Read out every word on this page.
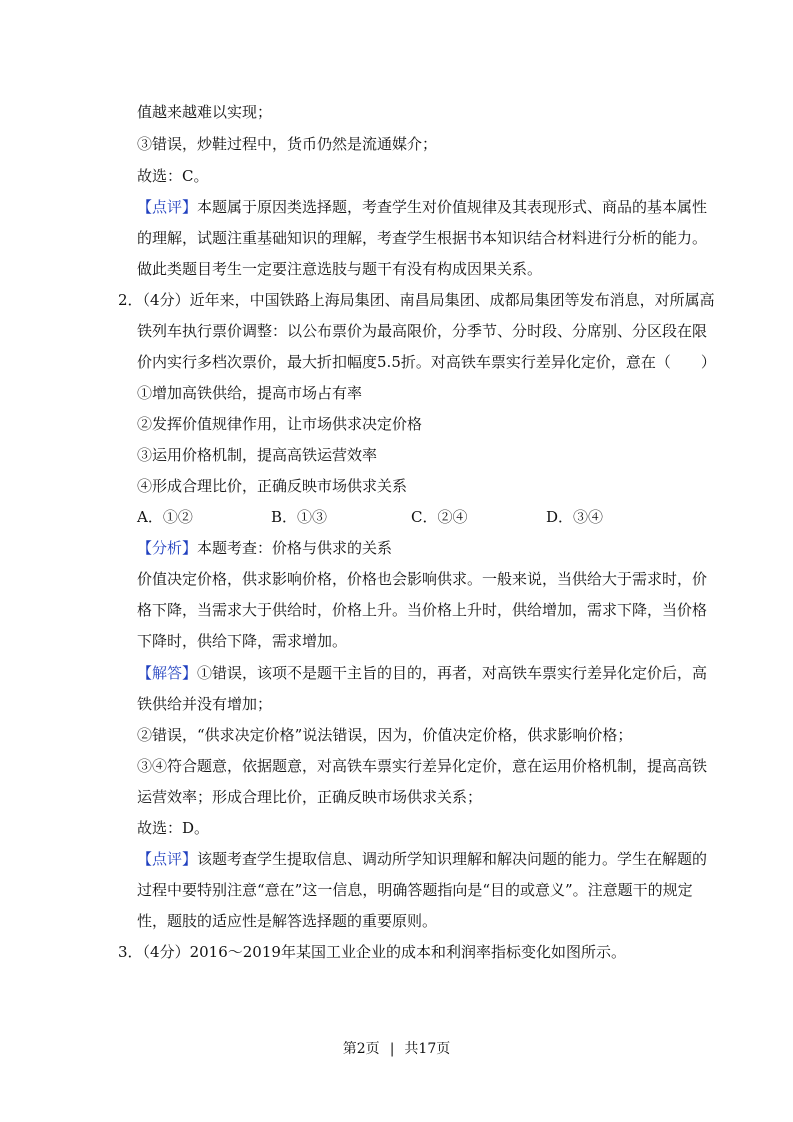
值越来越难以实现；
③错误，炒鞋过程中，货币仍然是流通媒介；
故选：C。
【点评】本题属于原因类选择题，考查学生对价值规律及其表现形式、商品的基本属性
的理解，试题注重基础知识的理解，考查学生根据书本知识结合材料进行分析的能力。
做此类题目考生一定要注意选肢与题干有没有构成因果关系。
2．（4分）近年来，中国铁路上海局集团、南昌局集团、成都局集团等发布消息，对所属高
铁列车执行票价调整：以公布票价为最高限价，分季节、分时段、分席别、分区段在限
价内实行多档次票价，最大折扣幅度5.5折。对高铁车票实行差异化定价，意在（　　）
①增加高铁供给，提高市场占有率
②发挥价值规律作用，让市场供求决定价格
③运用价格机制，提高高铁运营效率
④形成合理比价，正确反映市场供求关系
A．①②	B．①③	C．②④	D．③④
【分析】本题考查：价格与供求的关系
价值决定价格，供求影响价格，价格也会影响供求。一般来说，当供给大于需求时，价
格下降，当需求大于供给时，价格上升。当价格上升时，供给增加，需求下降，当价格
下降时，供给下降，需求增加。
【解答】①错误，该项不是题干主旨的目的，再者，对高铁车票实行差异化定价后，高
铁供给并没有增加；
②错误，“供求决定价格”说法错误，因为，价值决定价格，供求影响价格；
③④符合题意，依据题意，对高铁车票实行差异化定价，意在运用价格机制，提高高铁
运营效率；形成合理比价，正确反映市场供求关系；
故选：D。
【点评】该题考查学生提取信息、调动所学知识理解和解决问题的能力。学生在解题的
过程中要特别注意“意在”这一信息，明确答题指向是“目的或意义”。注意题干的规定
性，题肢的适应性是解答选择题的重要原则。
3．（4分）2016～2019年某国工业企业的成本和利润率指标变化如图所示。
第2页 | 共17页
